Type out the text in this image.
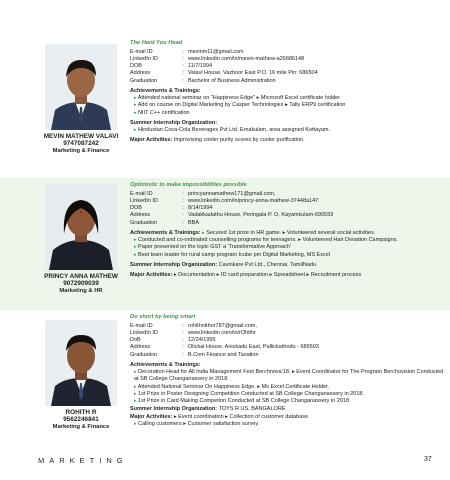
MEVIN MATHEW VALAVI
9747087242
Marketing & Finance
The Hard You Head
E-mail ID	: mevinm11@gmail.com
LinkedIn ID	: www.linkedin.com/in/mevin-mathew-a26686148
DOB	: 11/7/1994
Address	: Valavi House, Vazhoor East P.O. 16 mile Pin: 686504
Graduation	: Bachelor of Business Administration
Achievements & Trainings:
▸ Attended national seminar on "Happiness Edge" ▸ Microsoft Excel certificate holder
▸ Add on course on Digital Marketing by Casper Technologies ▸ Tally ERP9 certification
▸ NIIT C++ certification
Summer Internship Organization:
▸ Hindustan Coca-Cola Beverages Pvt Ltd. Ernakulam, area assigned Kottayam.
Major Activities: Improvising cooler purity scores by cooler purification.
PRINCY ANNA MATHEW
9072909039
Marketing & HR
Optimistic to make impossibilities possible
E-mail ID	: princyannamathew171@gmail.com,
LinkedIn ID	: www.linkedin.com/in/princy-anna-mathew-37448a147
DOB	: 8/14/1994
Address	: Vadakkadathu House, Peringala P. O, Kayamkulam-690559
Graduation	: BBA
Achievements & Trainings: ▸ Secured 1st prize in HR game. ▸ Volunteered several social activities.
▸ Conducted and co-ordinated counselling programs for teenagers. ▸ Volunteered Hair Donation Campaigns.
▸ Paper presented on the topic GST a 'Transformative Approach'
▸ Best team leader for rural camp program Icube pm Digital Marketing, MS Excel
Summer Internship Organization: Cavinkare Pvt Ltd., Chennai, TamilNadu
Major Activities: ▸ Documentation ▸ ID card preparation ▸ Spreadsheet ▸ Recruitment process
ROHITH R
9562246841
Marketing & Finance
Do short by being smart
E-mail ID	: rohithnithor787@gmail.com,
LinkedIn ID	: www.linkedin.com/in/rOhithr
DoB	: 12/24/1995
Address	: Olickal House, Anickadu East, Pallickathodu - 686503
Graduation	: B.Com Finance and Taxation
Achievements & Trainings:
▸ Decoration Head for All India Management Fest Berchnova'18. ▸ Event Coordinator for The Program Berchovision Conducted at SB College Changanassery in 2018.
▸ Attended National Seminar On Happiness Edge. ▸ Ms Excel Certificate Holder.
▸ 1st Prize in Poster Designing Competition Conducted at SB College Changanassery in 2018.
▸ 1st Prize in Card Making Competion Conducted at SB College Changanassery in 2018.
Summer Internship Organization: TOYS R US, BANGALORE
Major Activities: ▸ Event coordination ▸ Collection of customer database
▸ Calling customers ▸ Customer satisfaction survey.
MARKETING	37
